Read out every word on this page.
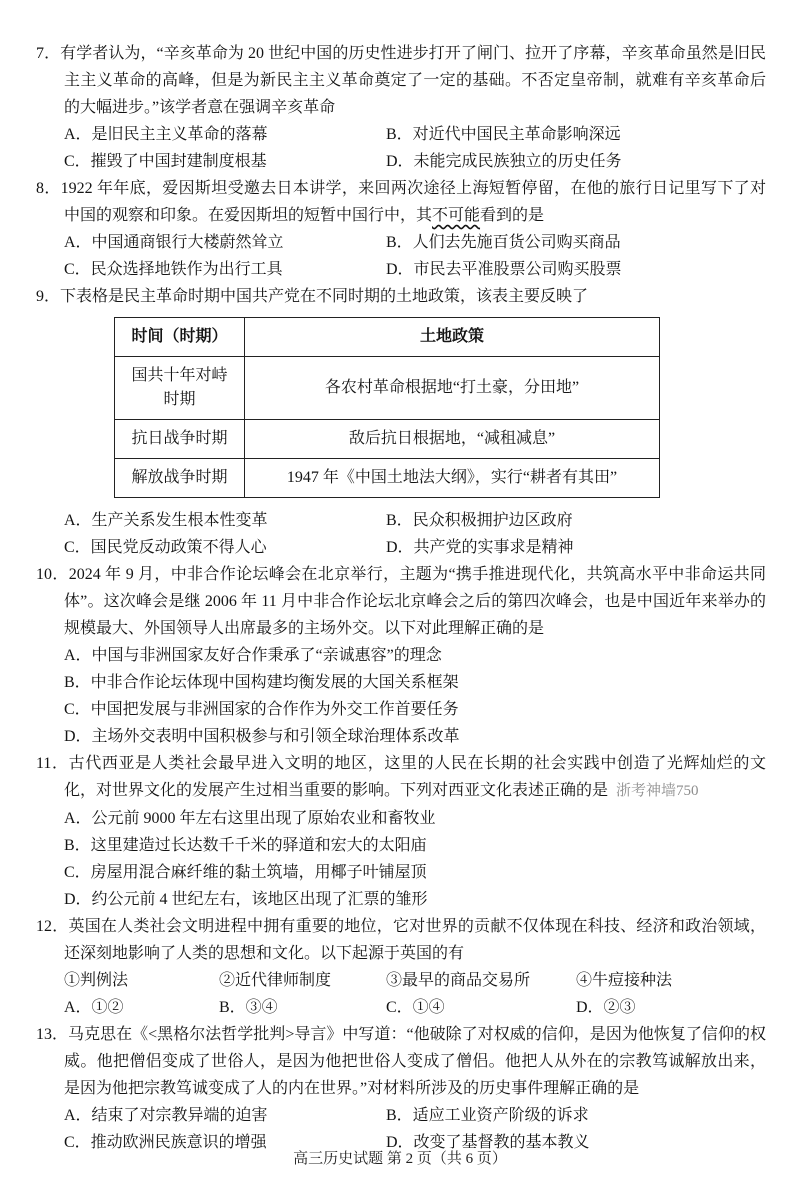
7．有学者认为，“辛亥革命为 20 世纪中国的历史性进步打开了闸门、拉开了序幕，辛亥革命虽然是旧民主主义革命的高峰，但是为新民主主义革命奠定了一定的基础。不否定皇帝制，就难有辛亥革命后的大幅进步。”该学者意在强调辛亥革命

A．是旧民主主义革命的落幕	B．对近代中国民主革命影响深远
C．摧毁了中国封建制度根基	D．未能完成民族独立的历史任务

8．1922 年年底，爱因斯坦受邀去日本讲学，来回两次途径上海短暂停留，在他的旅行日记里写下了对中国的观察和印象。在爱因斯坦的短暂中国行中，其不可能看到的是

A．中国通商银行大楼蔚然耸立	B．人们去先施百货公司购买商品
C．民众选择地铁作为出行工具	D．市民去平准股票公司购买股票

9．下表格是民主革命时期中国共产党在不同时期的土地政策，该表主要反映了

时间（时期）	土地政策
国共十年对峙时期	各农村革命根据地“打土豪，分田地”
抗日战争时期	敌后抗日根据地，“减租减息”
解放战争时期	1947 年《中国土地法大纲》，实行“耕者有其田”
A．生产关系发生根本性变革	B．民众积极拥护边区政府
C．国民党反动政策不得人心	D．共产党的实事求是精神

10．2024 年 9 月，中非合作论坛峰会在北京举行，主题为“携手推进现代化，共筑高水平中非命运共同体”。这次峰会是继 2006 年 11 月中非合作论坛北京峰会之后的第四次峰会，也是中国近年来举办的规模最大、外国领导人出席最多的主场外交。以下对此理解正确的是

A．中国与非洲国家友好合作秉承了“亲诚惠容”的理念
B．中非合作论坛体现中国构建均衡发展的大国关系框架
C．中国把发展与非洲国家的合作作为外交工作首要任务
D．主场外交表明中国积极参与和引领全球治理体系改革

11．古代西亚是人类社会最早进入文明的地区，这里的人民在长期的社会实践中创造了光辉灿烂的文化，对世界文化的发展产生过相当重要的影响。下列对西亚文化表述正确的是 浙考神墙750

A．公元前 9000 年左右这里出现了原始农业和畜牧业
B．这里建造过长达数千千米的驿道和宏大的太阳庙
C．房屋用混合麻纤维的黏土筑墙，用椰子叶铺屋顶
D．约公元前 4 世纪左右，该地区出现了汇票的雏形

12．英国在人类社会文明进程中拥有重要的地位，它对世界的贡献不仅体现在科技、经济和政治领域，还深刻地影响了人类的思想和文化。以下起源于英国的有

①判例法	②近代律师制度	③最早的商品交易所	④牛痘接种法
A．①②	B．③④	C．①④	D．②③

13．马克思在《<黑格尔法哲学批判>导言》中写道：“他破除了对权威的信仰，是因为他恢复了信仰的权威。他把僧侣变成了世俗人，是因为他把世俗人变成了僧侣。他把人从外在的宗教笃诚解放出来，是因为他把宗教笃诚变成了人的内在世界。”对材料所涉及的历史事件理解正确的是

A．结束了对宗教异端的迫害	B．适应工业资产阶级的诉求
C．推动欧洲民族意识的增强	D．改变了基督教的基本教义
高三历史试题 第 2 页（共 6 页）
